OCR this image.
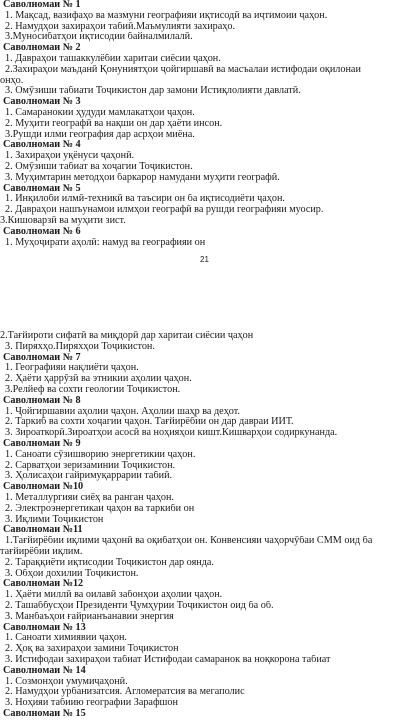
Саволномаи № 1
1. Мақсад, вазифаҳо ва мазмуни географияи иқтисодӣ ва иҷтимоии ҷаҳон.
2. Намудҳои захираҳои табиӣ.Маъмулияти захираҳо.
3.Муносибатҳои иқтисодии байналмилалӣ.
Саволномаи № 2
1. Давраҳои ташаккулёбии харитаи сиёсии ҷаҳон.
2.Захираҳои маъданӣ Қонуниятҳои ҷойгиршавӣ ва масъалаи истифодаи оқилонаи
онҳо.
3. Омӯзиши табиати Тоҷикистон дар замони Истиқлолияти давлатӣ.
Саволномаи № 3
1. Самаранокии ҳудуди мамлакатҳои ҷаҳон.
2. Муҳити географӣ ва нақши он дар ҳаёти инсон.
3.Рушди илми география дар асрҳои миёна.
Саволномаи № 4
1. Захираҳои уқёнуси ҷаҳонӣ.
2. Омӯзиши табиат ва хоҷагии Тоҷикистон.
3. Муҳимтарин методҳои баркарор намудани муҳити географӣ.
Саволномаи № 5
1. Инқилоби илмӣ-техникӣ ва таъсири он ба иқтисодиёти ҷаҳон.
2. Давраҳои нашъунамои илмҳои географӣ ва рушди географияи муосир.
3.Кишоварзӣ ва муҳити зист.
Саволномаи № 6
1. Муҳоҷирати аҳолӣ: намуд ва географияи он
21
2.Тағйироти сифатӣ ва миқдорӣ дар харитаи сиёсии ҷаҳон
3. Пиряхҳо.Пиряхҳои Тоҷикистон.
Саволномаи № 7
1. Географияи нақлиёти ҷаҳон.
2. Ҳаёти ҳаррӯзӣ ва этникии аҳолии ҷаҳон.
3.Релйеф ва сохти геологии Тоҷикистон.
Саволномаи № 8
1. Ҷойгиршавии аҳолии ҷаҳон. Аҳолии шаҳр ва деҳот.
2. Таркиб ва сохти хоҷагии ҷаҳон. Тағйирёбии он дар давраи ИИТ.
3. Зироаткорӣ.Зироатҳои асосӣ ва ноҳияҳои кишт.Кишварҳои содиркунанда.
Саволномаи № 9
1. Саноати сӯзишворию энергетикии ҷаҳон.
2. Сарватҳои зеризаминии Тоҷикистон.
3. Ҳолисаҳои гайримуқаррарии табиӣ.
Саволномаи №10
1. Металлургияи сиёҳ ва ранган ҷаҳон.
2. Электроэнергетикаи ҷаҳон ва таркиби он
3. Иқлими Тоҷикистон
Саволномаи №11
1.Тағйирёбии иқлими ҷаҳонӣ ва оқибатҳои он. Конвенсияи чаҳорчӯбаи СММ оид ба
тағйирёбии иқлим.
2. Тараққиёти иқтисодии Тоҷикистон дар оянда.
3. Обҳои дохилии Тоҷикистон.
Саволномаи №12
1. Ҳаёти миллӣ ва оилавӣ забонҳои аҳолии ҷаҳон.
2. Ташаббусҳои Президенти Ҷумҳурии Тоҷикистон оид ба об.
3. Манбаъҳои ғайрианъанавии энергия
Саволномаи № 13
1. Саноати химиявии ҷаҳон.
2. Ҳоқ ва захираҳои замини Тоҷикистон
3. Истифодаи захираҳои табиат Истифодаи самаранок ва ноқкорона табиат
Саволномаи № 14
1. Созмонҳои умумиҷаҳонӣ.
2. Намудҳои урбанизатсия. Агломератсия ва мегаполис
3. Ноҳияи табиию географии Зарафшон
Саволномаи № 15
